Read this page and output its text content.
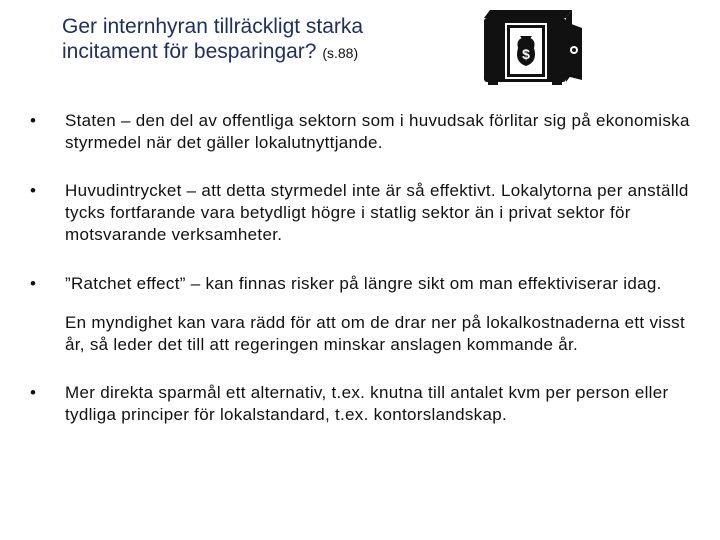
Ger internhyran tillräckligt starka incitament för besparingar? (s.88)	$

•	Staten – den del av offentliga sektorn som i huvudsak förlitar sig på ekonomiska styrmedel när det gäller lokalutnyttjande.

•	Huvudintrycket – att detta styrmedel inte är så effektivt. Lokalytorna per anställd tycks fortfarande vara betydligt högre i statlig sektor än i privat sektor för motsvarande verksamheter.

•	”Ratchet effect” – kan finnas risker på längre sikt om man effektiviserar idag.

En myndighet kan vara rädd för att om de drar ner på lokalkostnaderna ett visst år, så leder det till att regeringen minskar anslagen kommande år.

•	Mer direkta sparmål ett alternativ, t.ex. knutna till antalet kvm per person eller tydliga principer för lokalstandard, t.ex. kontorslandskap.
